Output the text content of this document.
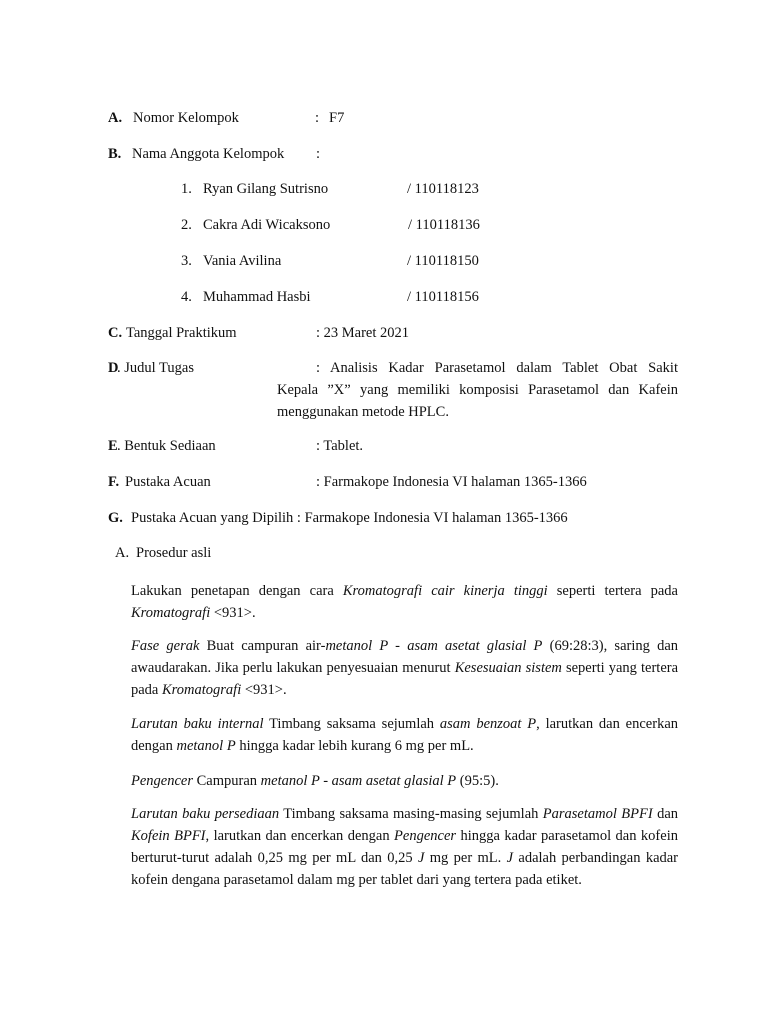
A. Nomor Kelompok	: F7
B. Nama Anggota Kelompok :
1. Ryan Gilang Sutrisno	/ 110118123
2. Cakra Adi Wicaksono	/ 110118136
3. Vania Avilina	/ 110118150
4. Muhammad Hasbi	/ 110118156
C. Tanggal Praktikum	: 23 Maret 2021
D
. Judul Tugas	: Analisis Kadar Parasetamol dalam Tablet Obat Sakit
Kepala ”X” yang memiliki komposisi Parasetamol dan Kafein
menggunakan metode HPLC.
E . Bentuk Sediaan	: Tablet.
F. Pustaka Acuan	: Farmakope Indonesia VI halaman 1365-1366
G. Pustaka Acuan yang Dipilih : Farmakope Indonesia VI halaman 1365-1366
A. Prosedur asli

Lakukan penetapan dengan cara Kromatografi cair kinerja tinggi seperti tertera pada Kromatografi <931>.

Fase gerak Buat campuran air-metanol P - asam asetat glasial P (69:28:3), saring dan awaudarakan. Jika perlu lakukan penyesuaian menurut Kesesuaian sistem seperti yang tertera pada Kromatografi <931>.

Larutan baku internal Timbang saksama sejumlah asam benzoat P, larutkan dan encerkan dengan metanol P hingga kadar lebih kurang 6 mg per mL.

Pengencer Campuran metanol P - asam asetat glasial P (95:5).

Larutan baku persediaan Timbang saksama masing-masing sejumlah Parasetamol BPFI dan Kofein BPFI, larutkan dan encerkan dengan Pengencer hingga kadar parasetamol dan kofein berturut-turut adalah 0,25 mg per mL dan 0,25 J mg per mL. J adalah perbandingan kadar kofein dengana parasetamol dalam mg per tablet dari yang tertera pada etiket.
